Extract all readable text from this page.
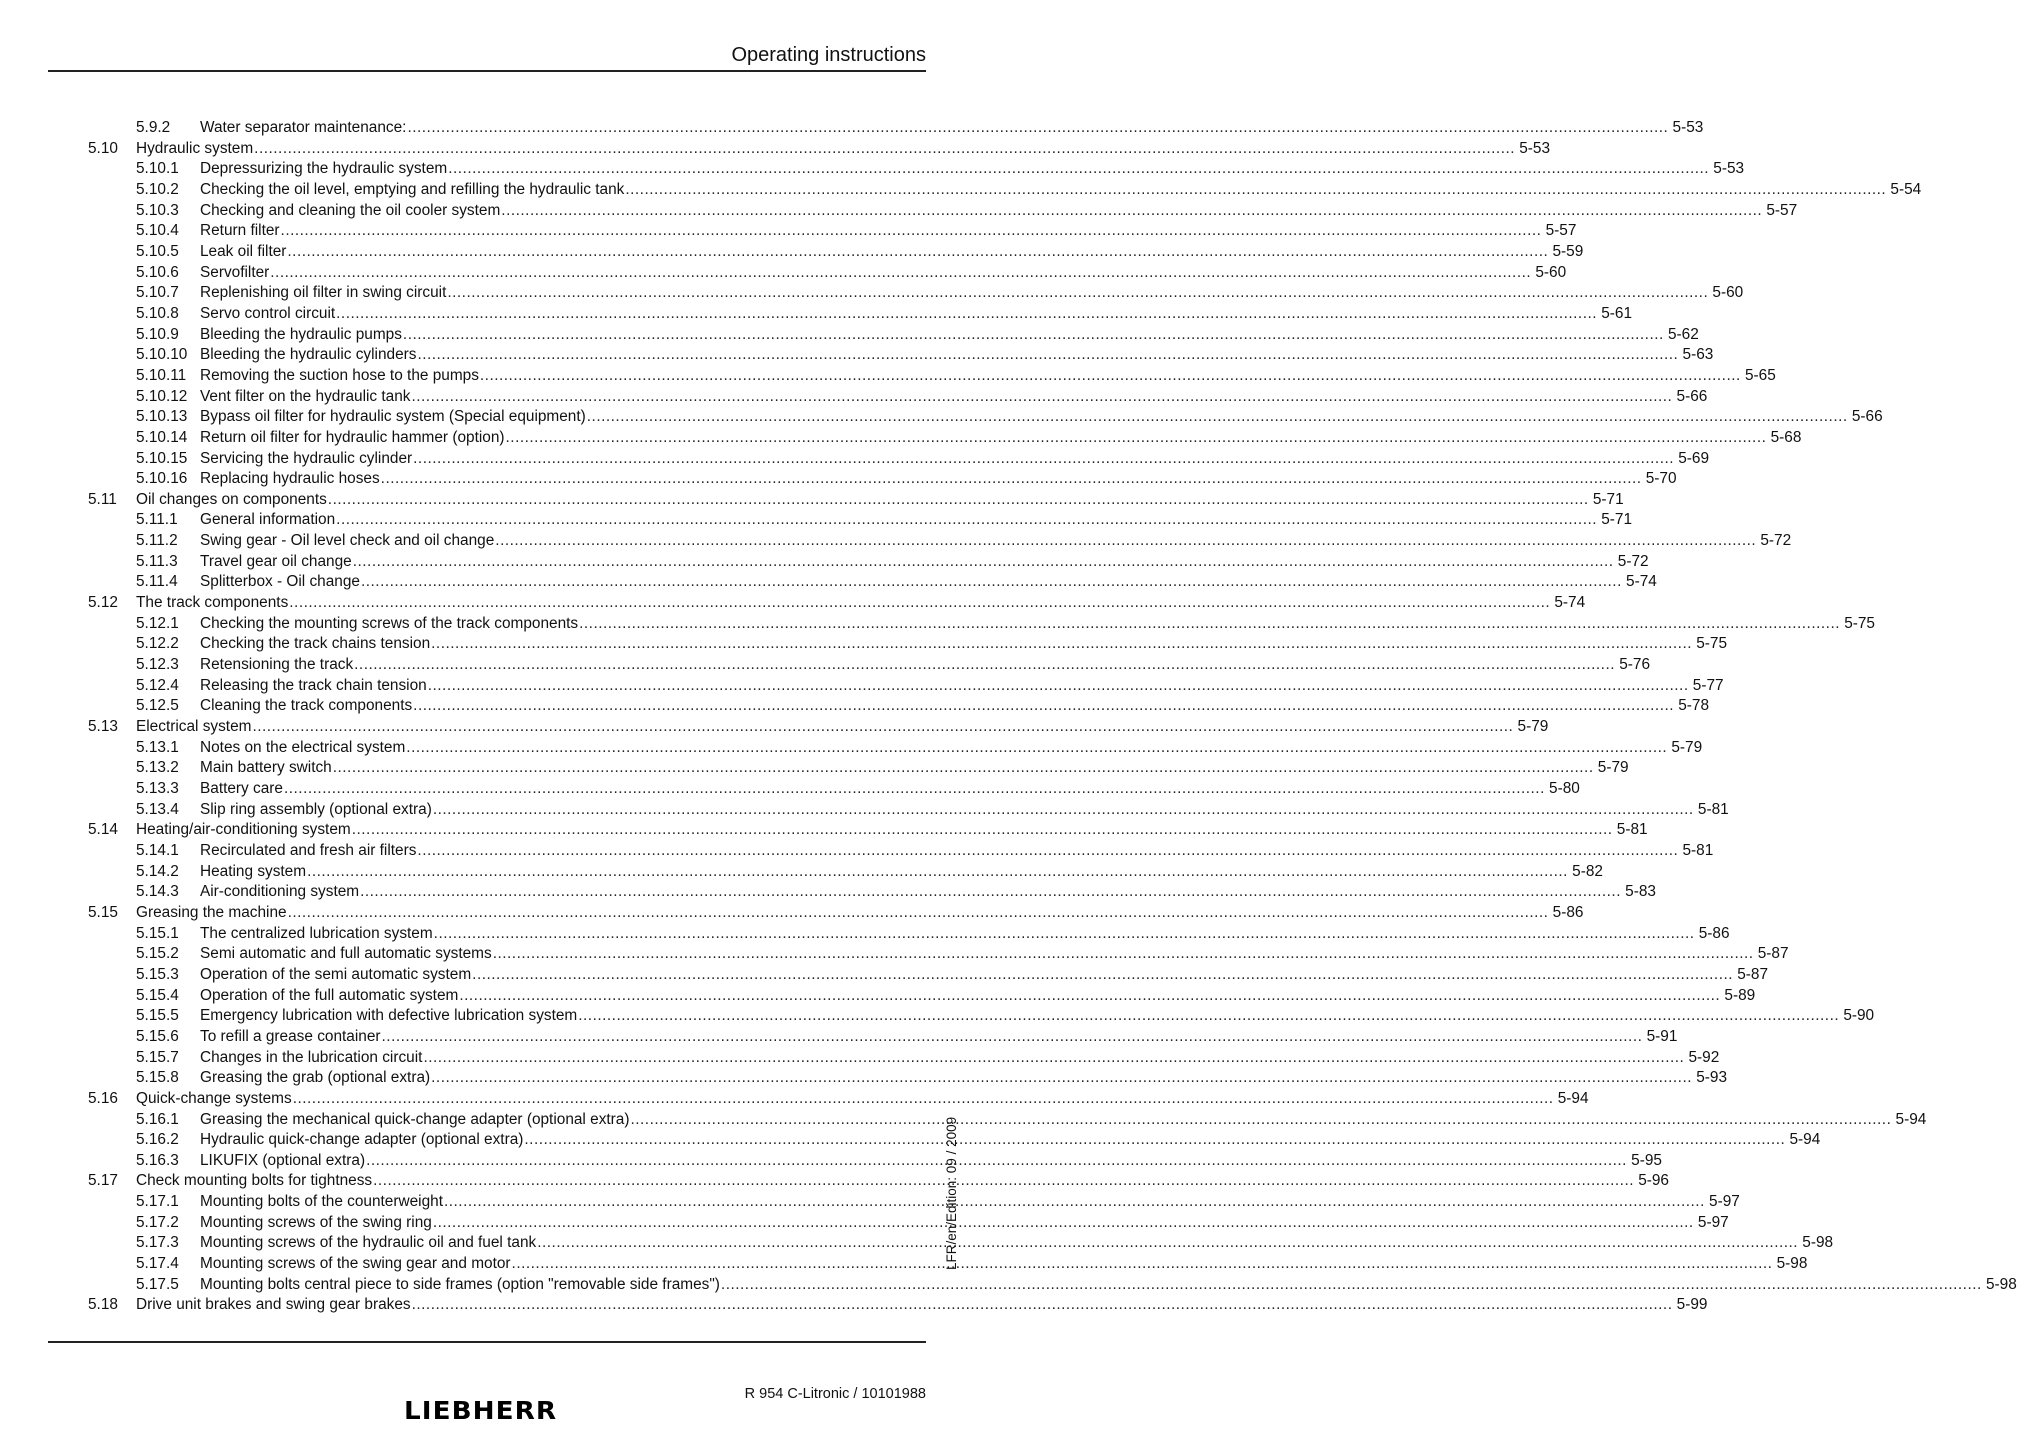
Operating instructions
5.9.2	Water separator maintenance: .....	5-53
5.10	Hydraulic system .....	5-53
5.10.1	Depressurizing the hydraulic system .....	5-53
5.10.2	Checking the oil level, emptying and refilling the hydraulic tank .....	5-54
5.10.3	Checking and cleaning the oil cooler system .....	5-57
5.10.4	Return filter .....	5-57
5.10.5	Leak oil filter .....	5-59
5.10.6	Servofilter .....	5-60
5.10.7	Replenishing oil filter in swing circuit .....	5-60
5.10.8	Servo control circuit .....	5-61
5.10.9	Bleeding the hydraulic pumps .....	5-62
5.10.10 Bleeding the hydraulic cylinders .....	5-63
5.10.11 Removing the suction hose to the pumps .....	5-65
5.10.12 Vent filter on the hydraulic tank .....	5-66
5.10.13 Bypass oil filter for hydraulic system (Special equipment) .....	5-66
5.10.14 Return oil filter for hydraulic hammer (option) .....	5-68
5.10.15 Servicing the hydraulic cylinder .....	5-69
5.10.16 Replacing hydraulic hoses .....	5-70
5.11	Oil changes on components .....	5-71
5.11.1	General information .....	5-71
5.11.2	Swing gear - Oil level check and oil change .....	5-72
5.11.3	Travel gear oil change .....	5-72
5.11.4	Splitterbox - Oil change .....	5-74
5.12	The track components .....	5-74
5.12.1	Checking the mounting screws of the track components .....	5-75
5.12.2	Checking the track chains tension .....	5-75
5.12.3	Retensioning the track .....	5-76
5.12.4	Releasing the track chain tension .....	5-77
5.12.5	Cleaning the track components .....	5-78
5.13	Electrical system .....	5-79
5.13.1	Notes on the electrical system .....	5-79
5.13.2	Main battery switch .....	5-79
5.13.3	Battery care .....	5-80
5.13.4	Slip ring assembly (optional extra) .....	5-81
5.14	Heating/air-conditioning system .....	5-81
5.14.1	Recirculated and fresh air filters .....	5-81
5.14.2	Heating system .....	5-82
5.14.3	Air-conditioning system .....	5-83
5.15	Greasing the machine .....	5-86
5.15.1	The centralized lubrication system .....	5-86
5.15.2	Semi automatic and full automatic systems .....	5-87
5.15.3	Operation of the semi automatic system .....	5-87
5.15.4	Operation of the full automatic system .....	5-89
5.15.5	Emergency lubrication with defective lubrication system .....	5-90
5.15.6	To refill a grease container .....	5-91
5.15.7	Changes in the lubrication circuit .....	5-92
5.15.8	Greasing the grab (optional extra) .....	5-93
5.16	Quick-change systems .....	5-94
5.16.1	Greasing the mechanical quick-change adapter (optional extra) .....	5-94
5.16.2	Hydraulic quick-change adapter (optional extra) .....	5-94
5.16.3	LIKUFIX (optional extra) .....	5-95
5.17	Check mounting bolts for tightness .....	5-96
5.17.1	Mounting bolts of the counterweight .....	5-97
5.17.2	Mounting screws of the swing ring .....	5-97
5.17.3	Mounting screws of the hydraulic oil and fuel tank .....	5-98
5.17.4	Mounting screws of the swing gear and motor .....	5-98
5.17.5	Mounting bolts central piece to side frames (option "removable side frames") .....	5-98
5.18	Drive unit brakes and swing gear brakes .....	5-99
LFR/en/Edition: 09 / 2009
LIEBHERR
R 954 C-Litronic / 10101988
